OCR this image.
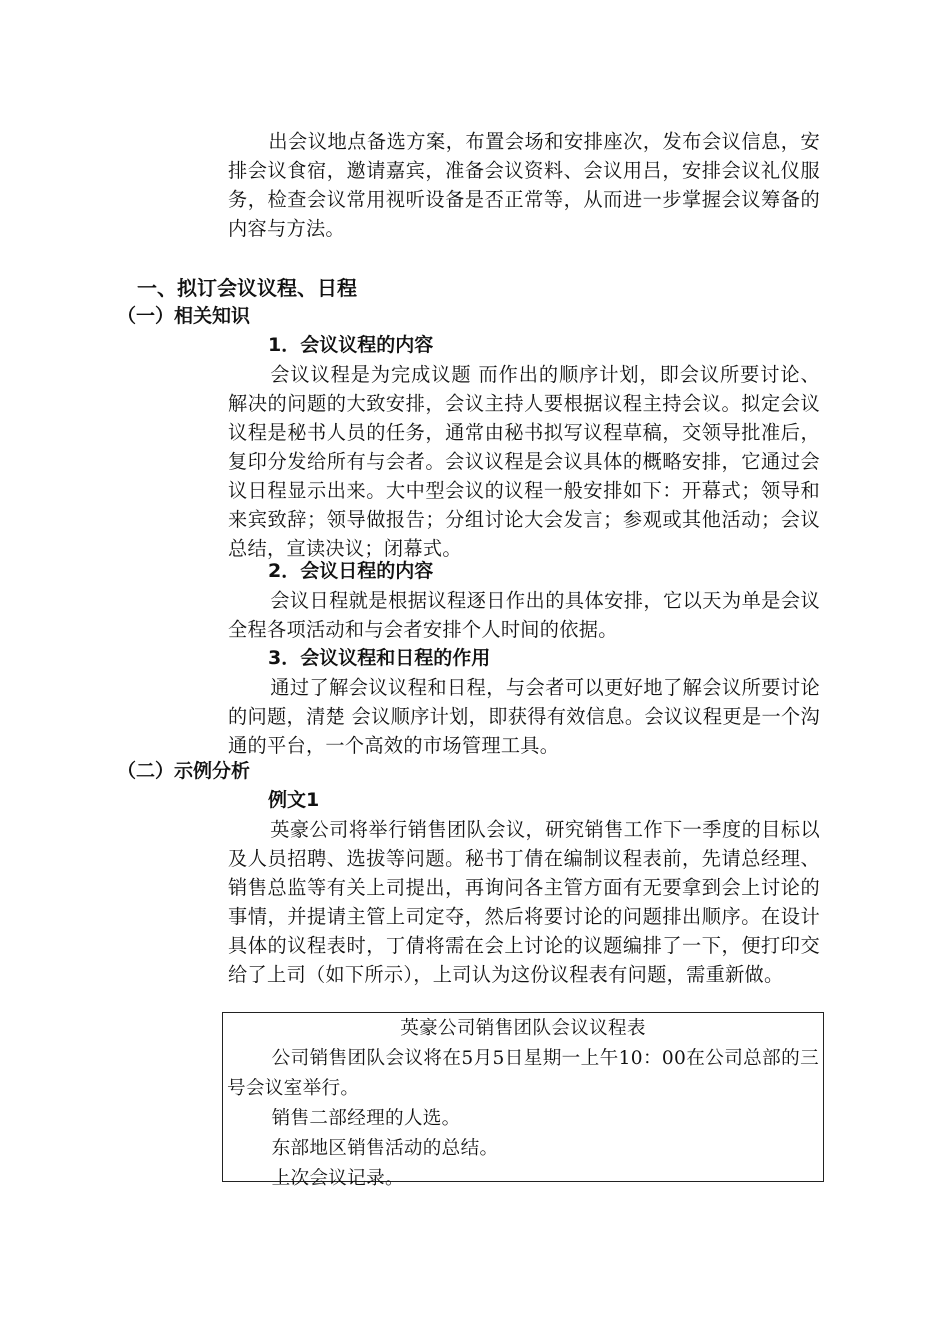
出会议地点备选方案，布置会场和安排座次，发布会议信息，安排会议食宿，邀请嘉宾，准备会议资料、会议用吕，安排会议礼仪服务，检查会议常用视听设备是否正常等，从而进一步掌握会议筹备的内容与方法。

一、拟订会议议程、日程

（一）相关知识

1．会议议程的内容

会议议程是为完成议题 而作出的顺序计划，即会议所要讨论、解决的问题的大致安排，会议主持人要根据议程主持会议。拟定会议议程是秘书人员的任务，通常由秘书拟写议程草稿，交领导批准后，复印分发给所有与会者。会议议程是会议具体的概略安排，它通过会议日程显示出来。大中型会议的议程一般安排如下：开幕式；领导和来宾致辞；领导做报告；分组讨论大会发言；参观或其他活动；会议总结，宣读决议；闭幕式。

2．会议日程的内容

会议日程就是根据议程逐日作出的具体安排，它以天为单是会议全程各项活动和与会者安排个人时间的依据。

3．会议议程和日程的作用

通过了解会议议程和日程，与会者可以更好地了解会议所要讨论的问题，清楚 会议顺序计划，即获得有效信息。会议议程更是一个沟通的平台，一个高效的市场管理工具。

（二）示例分析

例文1

英豪公司将举行销售团队会议，研究销售工作下一季度的目标以及人员招聘、选拔等问题。秘书丁倩在编制议程表前，先请总经理、销售总监等有关上司提出，再询问各主管方面有无要拿到会上讨论的事情，并提请主管上司定夺，然后将要讨论的问题排出顺序。在设计具体的议程表时，丁倩将需在会上讨论的议题编排了一下，便打印交给了上司（如下所示），上司认为这份议程表有问题，需重新做。

英豪公司销售团队会议议程表

公司销售团队会议将在5月5日星期一上午10：00在公司总部的三号会议室举行。

销售二部经理的人选。

东部地区销售活动的总结。

上次会议记录。
